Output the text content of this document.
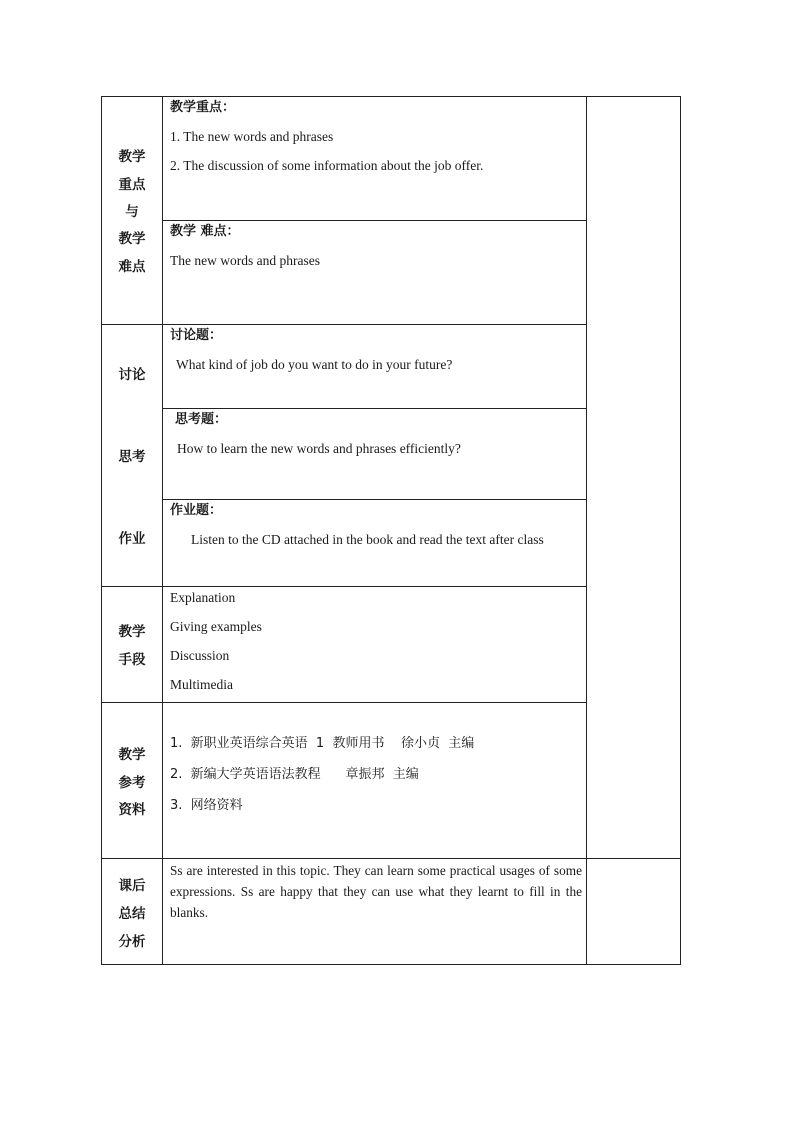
教学
重点
与
教学
难点
教学重点：
1. The new words and phrases
2. The discussion of some information about the job offer.
教学 难点：
The new words and phrases
讨论
讨论题：
What kind of job do you want to do in your future?
思考
思考题：
How to learn the new words and phrases efficiently?
作业
作业题：
Listen to the CD attached in the book and read the text after class
教学
手段
Explanation
Giving examples
Discussion
Multimedia
教学
参考
资料
1.  新职业英语综合英语  1  教师用书    徐小贞  主编
2.  新编大学英语语法教程      章振邦  主编
3.  网络资料
课后
总结
分析
Ss are interested in this topic. They can learn some practical usages of some expressions. Ss are happy that they can use what they learnt to fill in the blanks.
